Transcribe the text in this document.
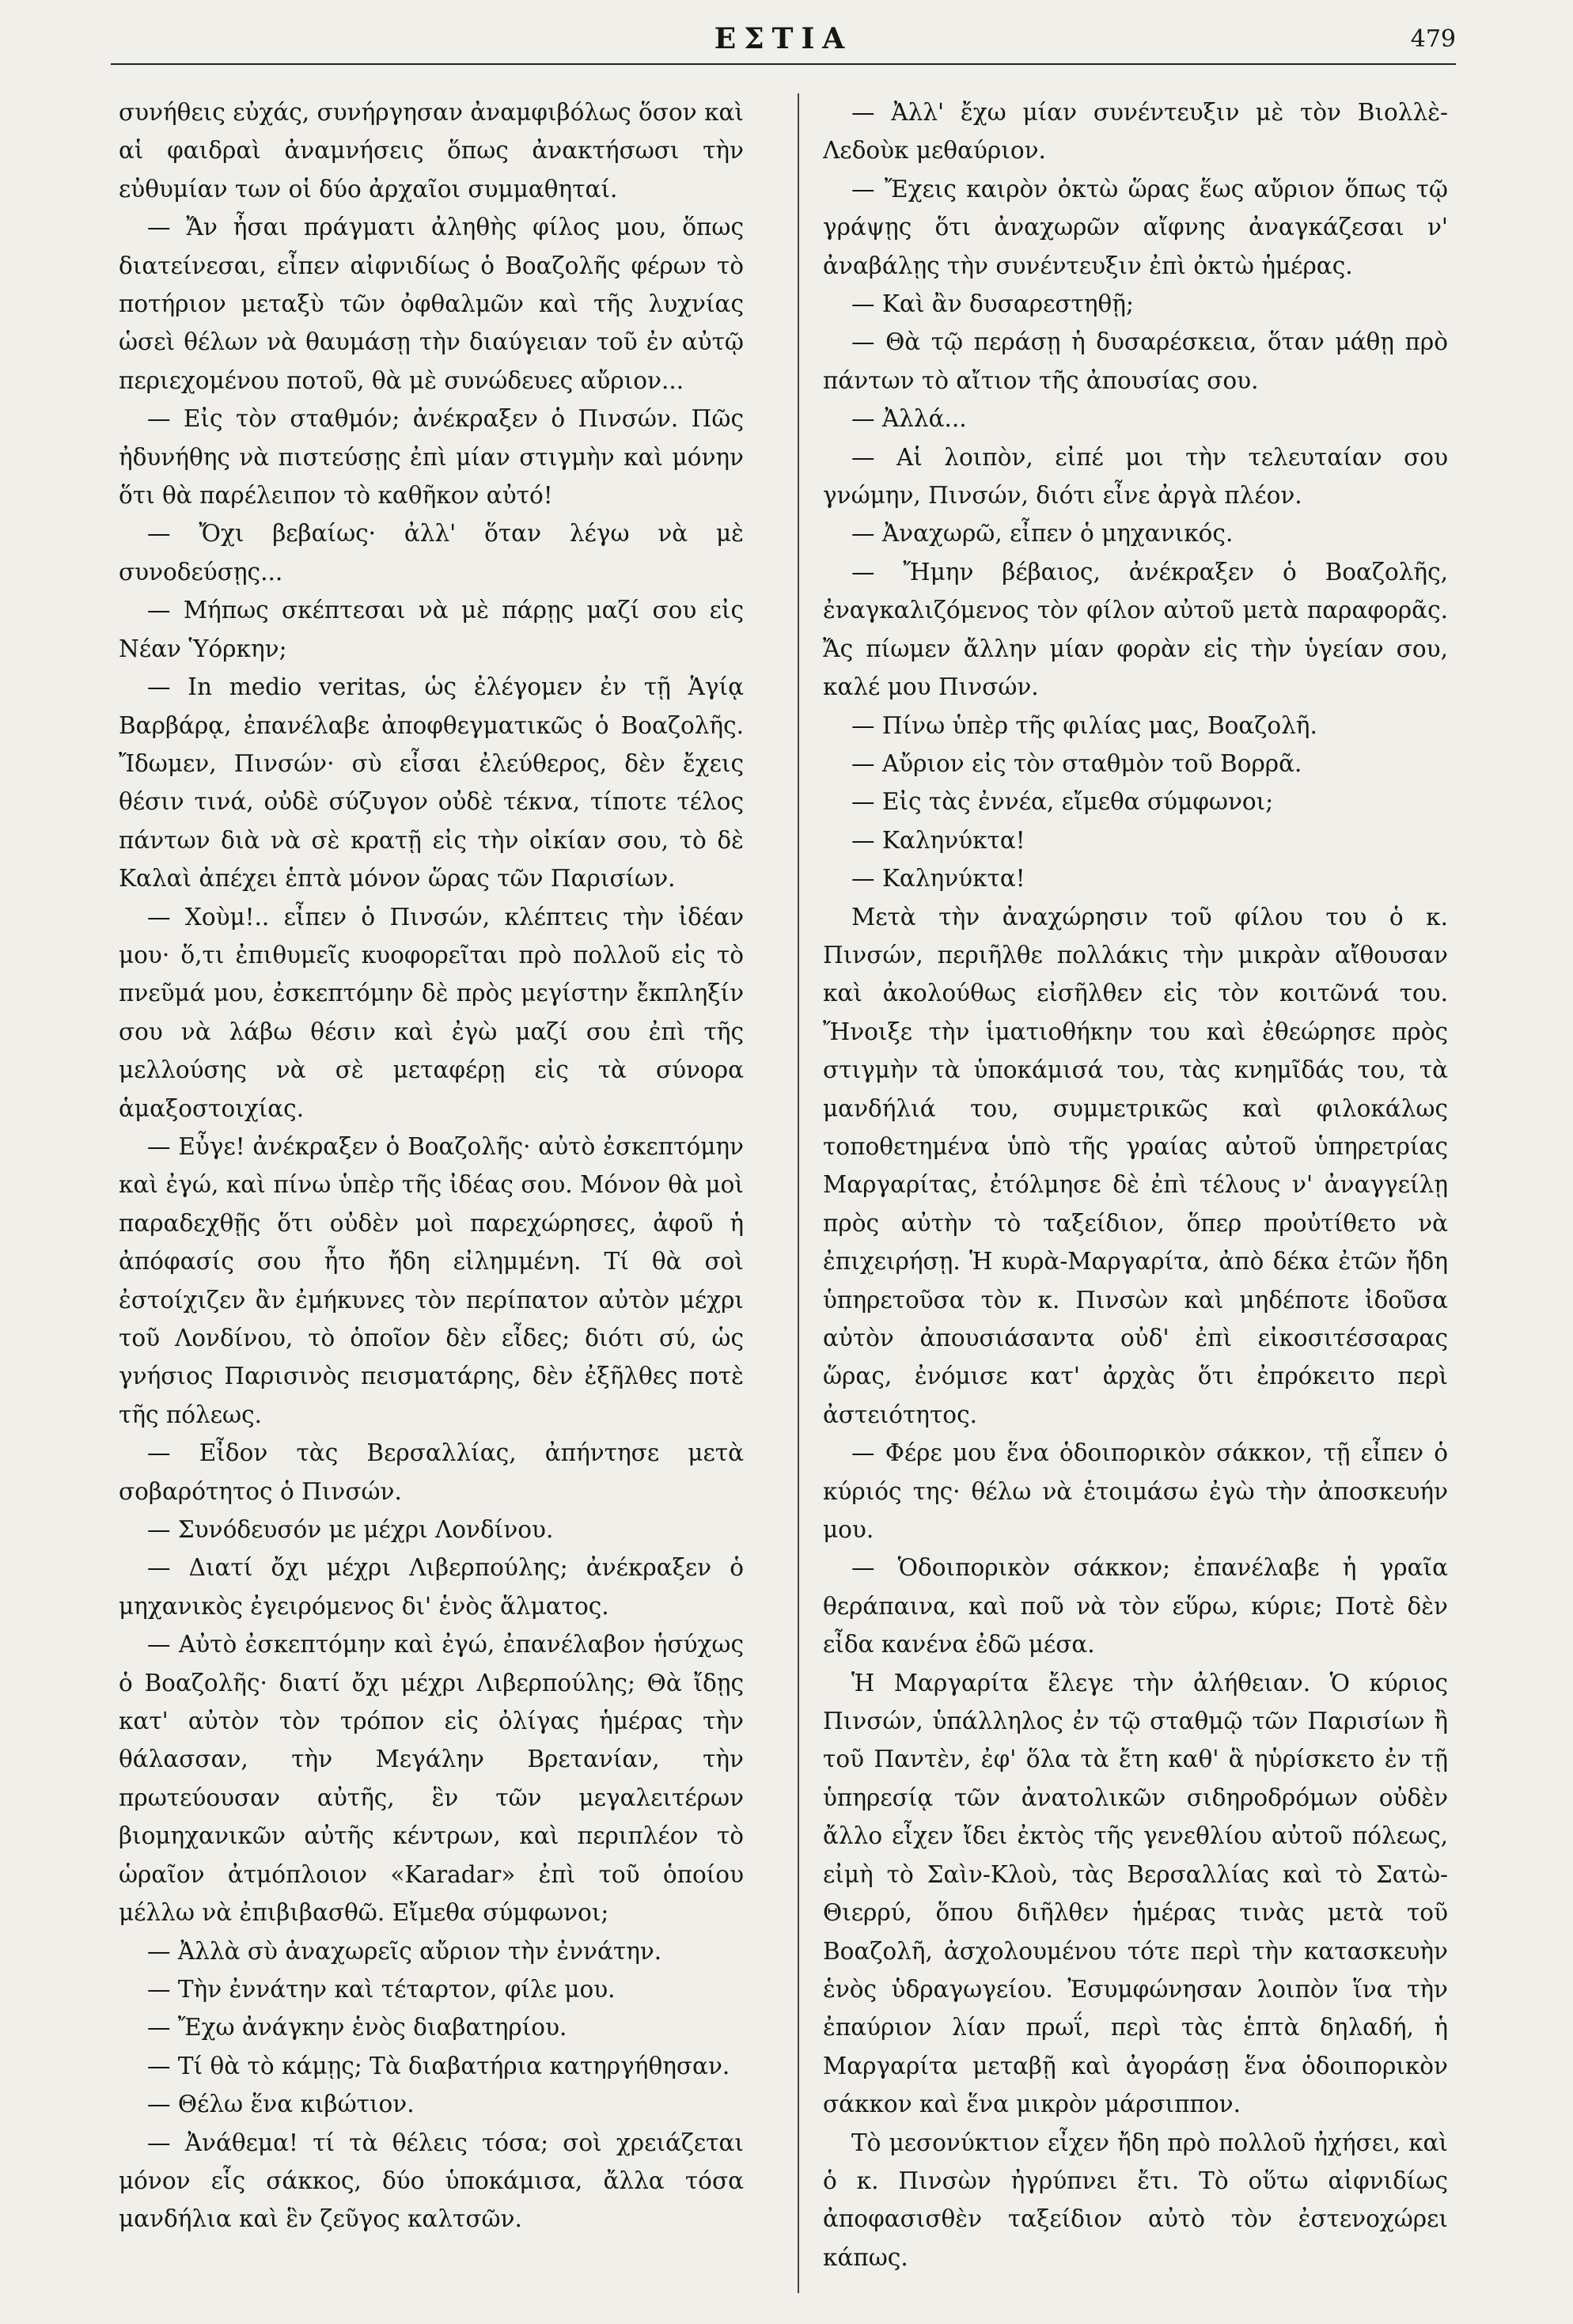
ΕΣΤΙΑ	479

συνήθεις εὐχάς, συνήργησαν ἀναμφιβόλως ὅσον καὶ αἱ φαιδραὶ ἀναμνήσεις ὅπως ἀνακτήσωσι τὴν εὐθυμίαν των οἱ δύο ἀρχαῖοι συμμαθηταί.

— Ἄν ἦσαι πράγματι ἀληθὴς φίλος μου, ὅπως διατείνεσαι, εἶπεν αἰφνιδίως ὁ Βοαζολῆς φέρων τὸ ποτήριον μεταξὺ τῶν ὀφθαλμῶν καὶ τῆς λυχνίας ὡσεὶ θέλων νὰ θαυμάσῃ τὴν διαύγειαν τοῦ ἐν αὐτῷ περιεχομένου ποτοῦ, θὰ μὲ συνώδευες αὔριον...

— Εἰς τὸν σταθμόν; ἀνέκραξεν ὁ Πινσών. Πῶς ἠδυνήθης νὰ πιστεύσῃς ἐπὶ μίαν στιγμὴν καὶ μόνην ὅτι θὰ παρέλειπον τὸ καθῆκον αὐτό!

— Ὄχι βεβαίως· ἀλλ' ὅταν λέγω νὰ μὲ συνοδεύσῃς...

— Μήπως σκέπτεσαι νὰ μὲ πάρῃς μαζί σου εἰς Νέαν Ὑόρκην;

— In medio veritas, ὡς ἐλέγομεν ἐν τῇ Ἁγίᾳ Βαρβάρᾳ, ἐπανέλαβε ἀποφθεγματικῶς ὁ Βοαζολῆς. Ἴδωμεν, Πινσών· σὺ εἶσαι ἐλεύθερος, δὲν ἔχεις θέσιν τινά, οὐδὲ σύζυγον οὐδὲ τέκνα, τίποτε τέλος πάντων διὰ νὰ σὲ κρατῇ εἰς τὴν οἰκίαν σου, τὸ δὲ Καλαὶ ἀπέχει ἑπτὰ μόνον ὥρας τῶν Παρισίων.

— Χοὺμ!.. εἶπεν ὁ Πινσών, κλέπτεις τὴν ἰδέαν μου· ὅ,τι ἐπιθυμεῖς κυοφορεῖται πρὸ πολλοῦ εἰς τὸ πνεῦμά μου, ἐσκεπτόμην δὲ πρὸς μεγίστην ἔκπληξίν σου νὰ λάβω θέσιν καὶ ἐγὼ μαζί σου ἐπὶ τῆς μελλούσης νὰ σὲ μεταφέρῃ εἰς τὰ σύνορα ἁμαξοστοιχίας.

— Εὖγε! ἀνέκραξεν ὁ Βοαζολῆς· αὐτὸ ἐσκεπτόμην καὶ ἐγώ, καὶ πίνω ὑπὲρ τῆς ἰδέας σου. Μόνον θὰ μοὶ παραδεχθῇς ὅτι οὐδὲν μοὶ παρεχώρησες, ἀφοῦ ἡ ἀπόφασίς σου ἦτο ἤδη εἰλημμένη. Τί θὰ σοὶ ἐστοίχιζεν ἂν ἐμήκυνες τὸν περίπατον αὐτὸν μέχρι τοῦ Λονδίνου, τὸ ὁποῖον δὲν εἶδες; διότι σύ, ὡς γνήσιος Παρισινὸς πεισματάρης, δὲν ἐξῆλθες ποτὲ τῆς πόλεως.

— Εἶδον τὰς Βερσαλλίας, ἀπήντησε μετὰ σοβαρότητος ὁ Πινσών.

— Συνόδευσόν με μέχρι Λονδίνου.

— Διατί ὄχι μέχρι Λιβερπούλης; ἀνέκραξεν ὁ μηχανικὸς ἐγειρόμενος δι' ἑνὸς ἅλματος.

— Αὐτὸ ἐσκεπτόμην καὶ ἐγώ, ἐπανέλαβον ἡσύχως ὁ Βοαζολῆς· διατί ὄχι μέχρι Λιβερπούλης; Θὰ ἴδῃς κατ' αὐτὸν τὸν τρόπον εἰς ὀλίγας ἡμέρας τὴν θάλασσαν, τὴν Μεγάλην Βρετανίαν, τὴν πρωτεύουσαν αὐτῆς, ἓν τῶν μεγαλειτέρων βιομηχανικῶν αὐτῆς κέντρων, καὶ περιπλέον τὸ ὡραῖον ἀτμόπλοιον «Karadar» ἐπὶ τοῦ ὁποίου μέλλω νὰ ἐπιβιβασθῶ. Εἴμεθα σύμφωνοι;

— Ἀλλὰ σὺ ἀναχωρεῖς αὔριον τὴν ἐννάτην.

— Τὴν ἐννάτην καὶ τέταρτον, φίλε μου.

— Ἔχω ἀνάγκην ἑνὸς διαβατηρίου.

— Τί θὰ τὸ κάμῃς; Τὰ διαβατήρια κατηργήθησαν.

— Θέλω ἕνα κιβώτιον.

— Ἀνάθεμα! τί τὰ θέλεις τόσα; σοὶ χρειάζεται μόνον εἷς σάκκος, δύο ὑποκάμισα, ἄλλα τόσα μανδήλια καὶ ἓν ζεῦγος καλτσῶν.

— Ἀλλ' ἔχω μίαν συνέντευξιν μὲ τὸν Βιολλὲ-Λεδοὺκ μεθαύριον.

— Ἔχεις καιρὸν ὀκτὼ ὥρας ἕως αὔριον ὅπως τῷ γράψῃς ὅτι ἀναχωρῶν αἴφνης ἀναγκάζεσαι ν' ἀναβάλῃς τὴν συνέντευξιν ἐπὶ ὀκτὼ ἡμέρας.

— Καὶ ἂν δυσαρεστηθῇ;

— Θὰ τῷ περάσῃ ἡ δυσαρέσκεια, ὅταν μάθῃ πρὸ πάντων τὸ αἴτιον τῆς ἀπουσίας σου.

— Ἀλλά...

— Αἱ λοιπὸν, εἰπέ μοι τὴν τελευταίαν σου γνώμην, Πινσών, διότι εἶνε ἀργὰ πλέον.

— Ἀναχωρῶ, εἶπεν ὁ μηχανικός.

— Ἤμην βέβαιος, ἀνέκραξεν ὁ Βοαζολῆς, ἐναγκαλιζόμενος τὸν φίλον αὐτοῦ μετὰ παραφορᾶς. Ἄς πίωμεν ἄλλην μίαν φορὰν εἰς τὴν ὑγείαν σου, καλέ μου Πινσών.

— Πίνω ὑπὲρ τῆς φιλίας μας, Βοαζολῆ.

— Αὔριον εἰς τὸν σταθμὸν τοῦ Βορρᾶ.

— Εἰς τὰς ἐννέα, εἴμεθα σύμφωνοι;

— Καληνύκτα!

— Καληνύκτα!

Μετὰ τὴν ἀναχώρησιν τοῦ φίλου του ὁ κ. Πινσών, περιῆλθε πολλάκις τὴν μικρὰν αἴθουσαν καὶ ἀκολούθως εἰσῆλθεν εἰς τὸν κοιτῶνά του. Ἤνοιξε τὴν ἱματιοθήκην του καὶ ἐθεώρησε πρὸς στιγμὴν τὰ ὑποκάμισά του, τὰς κνημῖδάς του, τὰ μανδήλιά του, συμμετρικῶς καὶ φιλοκάλως τοποθετημένα ὑπὸ τῆς γραίας αὐτοῦ ὑπηρετρίας Μαργαρίτας, ἐτόλμησε δὲ ἐπὶ τέλους ν' ἀναγγείλῃ πρὸς αὐτὴν τὸ ταξείδιον, ὅπερ προὐτίθετο νὰ ἐπιχειρήσῃ. Ἡ κυρὰ-Μαργαρίτα, ἀπὸ δέκα ἐτῶν ἤδη ὑπηρετοῦσα τὸν κ. Πινσὼν καὶ μηδέποτε ἰδοῦσα αὐτὸν ἀπουσιάσαντα οὐδ' ἐπὶ εἰκοσιτέσσαρας ὥρας, ἐνόμισε κατ' ἀρχὰς ὅτι ἐπρόκειτο περὶ ἀστειότητος.

— Φέρε μου ἕνα ὁδοιπορικὸν σάκκον, τῇ εἶπεν ὁ κύριός της· θέλω νὰ ἑτοιμάσω ἐγὼ τὴν ἀποσκευήν μου.

— Ὁδοιπορικὸν σάκκον; ἐπανέλαβε ἡ γραῖα θεράπαινα, καὶ ποῦ νὰ τὸν εὕρω, κύριε; Ποτὲ δὲν εἶδα κανένα ἐδῶ μέσα.

Ἡ Μαργαρίτα ἔλεγε τὴν ἀλήθειαν. Ὁ κύριος Πινσών, ὑπάλληλος ἐν τῷ σταθμῷ τῶν Παρισίων ἢ τοῦ Παντὲν, ἐφ' ὅλα τὰ ἔτη καθ' ἃ ηὑρίσκετο ἐν τῇ ὑπηρεσίᾳ τῶν ἀνατολικῶν σιδηροδρόμων οὐδὲν ἄλλο εἶχεν ἴδει ἐκτὸς τῆς γενεθλίου αὐτοῦ πόλεως, εἰμὴ τὸ Σαὶν-Κλοὺ, τὰς Βερσαλλίας καὶ τὸ Σατὼ-Θιερρύ, ὅπου διῆλθεν ἡμέρας τινὰς μετὰ τοῦ Βοαζολῆ, ἀσχολουμένου τότε περὶ τὴν κατασκευὴν ἑνὸς ὑδραγωγείου. Ἐσυμφώνησαν λοιπὸν ἵνα τὴν ἐπαύριον λίαν πρωΐ, περὶ τὰς ἑπτὰ δηλαδή, ἡ Μαργαρίτα μεταβῇ καὶ ἀγοράσῃ ἕνα ὁδοιπορικὸν σάκκον καὶ ἕνα μικρὸν μάρσιππον.

Τὸ μεσονύκτιον εἶχεν ἤδη πρὸ πολλοῦ ἠχήσει, καὶ ὁ κ. Πινσὼν ἠγρύπνει ἔτι. Τὸ οὕτω αἰφνιδίως ἀποφασισθὲν ταξείδιον αὐτὸ τὸν ἐστενοχώρει κάπως.
